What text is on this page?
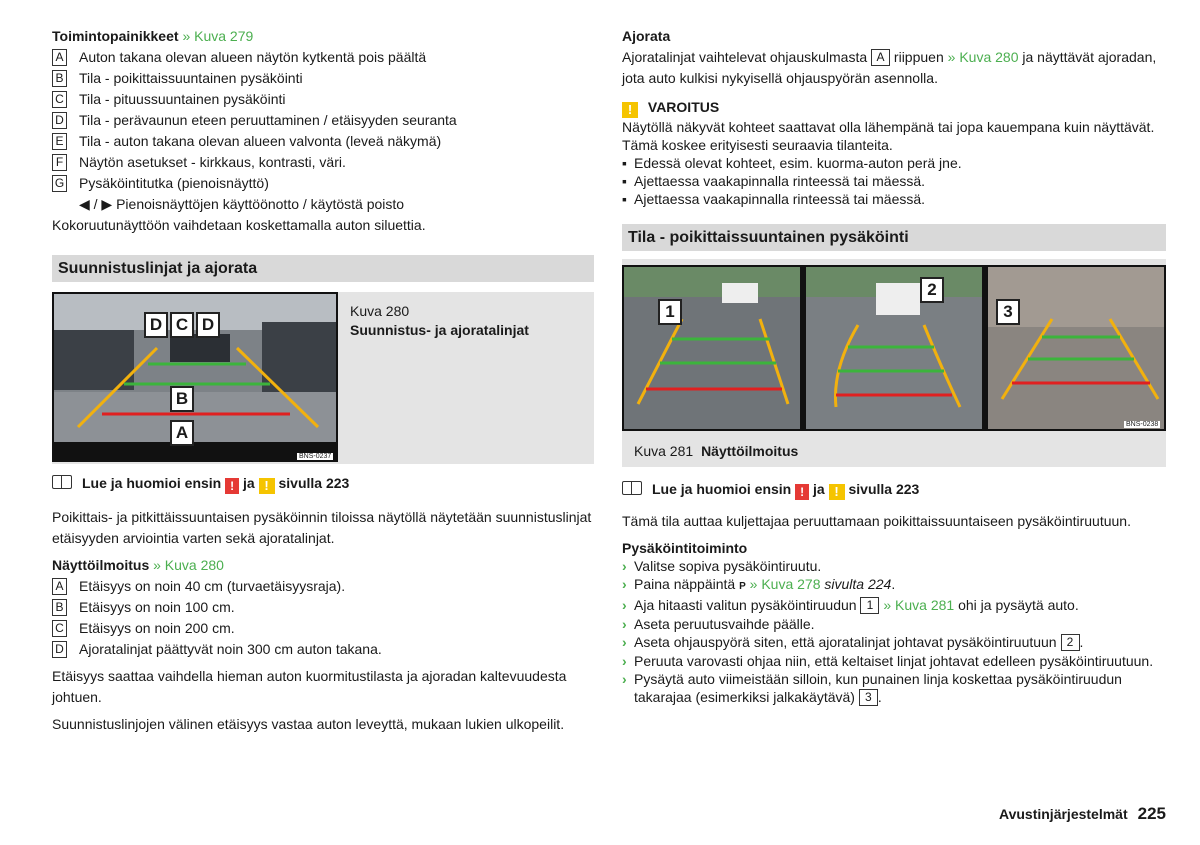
Toimintopainikkeet » Kuva 279

A Auton takana olevan alueen näytön kytkentä pois päältä
B Tila - poikittaissuuntainen pysäköinti
C Tila - pituussuuntainen pysäköinti
D Tila - perävaunun eteen peruuttaminen / etäisyyden seuranta
E Tila - auton takana olevan alueen valvonta (leveä näkymä)
F Näytön asetukset - kirkkaus, kontrasti, väri.
G Pysäköintitutka (pienoisnäyttö)
◀ / ▶ Pienoisnäyttöjen käyttöönotto / käytöstä poisto
Kokoruutunäyttöön vaihdetaan koskettamalla auton siluettia.
Suunnistuslinjat ja ajorata
D C D
B
A
BNS-0237
Kuva 280
Suunnistus- ja ajoratalinjat

Lue ja huomioi ensin ! ja ! sivulla 223

Poikittais- ja pitkittäissuuntaisen pysäköinnin tiloissa näytöllä näytetään suunnistuslinjat etäisyyden arviointia varten sekä ajoratalinjat.

Näyttöilmoitus » Kuva 280

A Etäisyys on noin 40 cm (turvaetäisyysraja).
B Etäisyys on noin 100 cm.
C Etäisyys on noin 200 cm.
D Ajoratalinjat päättyvät noin 300 cm auton takana.

Etäisyys saattaa vaihdella hieman auton kuormitustilasta ja ajoradan kaltevuudesta johtuen.

Suunnistuslinjojen välinen etäisyys vastaa auton leveyttä, mukaan lukien ulkopeilit.

Ajorata

Ajoratalinjat vaihtelevat ohjauskulmasta A riippuen » Kuva 280 ja näyttävät ajoradan, jota auto kulkisi nykyisellä ohjauspyörän asennolla.

! VAROITUS

Näytöllä näkyvät kohteet saattavat olla lähempänä tai jopa kauempana kuin näyttävät. Tämä koskee erityisesti seuraavia tilanteita.

▪ Edessä olevat kohteet, esim. kuorma-auton perä jne.
▪ Ajettaessa vaakapinnalla rinteessä tai mäessä.
▪ Ajettaessa vaakapinnalla rinteessä tai mäessä.
Tila - poikittaissuuntainen pysäköinti
1
2
3
BNS-0238
Kuva 281 Näyttöilmoitus

Lue ja huomioi ensin ! ja ! sivulla 223

Tämä tila auttaa kuljettajaa peruuttamaan poikittaissuuntaiseen pysäköintiruutuun.

Pysäköintitoiminto

› Valitse sopiva pysäköintiruutu.
› Paina näppäintä P » Kuva 278 sivulta 224.
› Aja hitaasti valitun pysäköintiruudun 1 » Kuva 281 ohi ja pysäytä auto.
› Aseta peruutusvaihde päälle.
› Aseta ohjauspyörä siten, että ajoratalinjat johtavat pysäköintiruutuun 2 .
› Peruuta varovasti ohjaa niin, että keltaiset linjat johtavat edelleen pysäköintiruutuun.
› Pysäytä auto viimeistään silloin, kun punainen linja koskettaa pysäköintiruudun takarajaa (esimerkiksi jalkakäytävä) 3 .
Avustinjärjestelmät 225
